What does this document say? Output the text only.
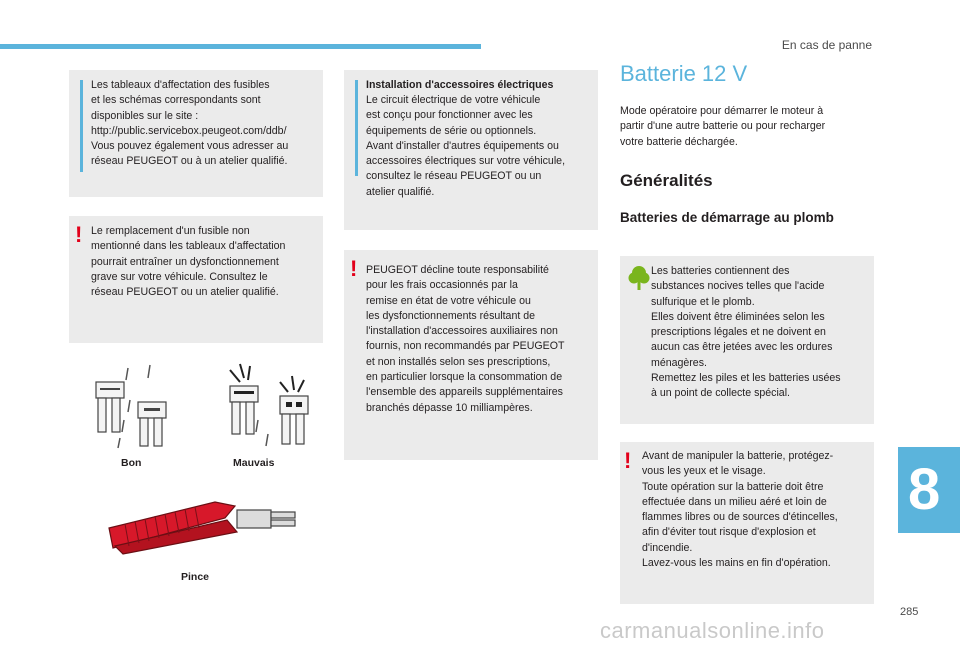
En cas de panne

Les tableaux d'affectation des fusibles
et les schémas correspondants sont
disponibles sur le site :
http://public.servicebox.peugeot.com/ddb/
Vous pouvez également vous adresser au
réseau PEUGEOT ou à un atelier qualifié.

! Le remplacement d'un fusible non
mentionné dans les tableaux d'affectation
pourrait entraîner un dysfonctionnement
grave sur votre véhicule. Consultez le
réseau PEUGEOT ou un atelier qualifié.

Bon	Mauvais
Pince

Installation d'accessoires électriques

Le circuit électrique de votre véhicule
est conçu pour fonctionner avec les
équipements de série ou optionnels.
Avant d'installer d'autres équipements ou
accessoires électriques sur votre véhicule,
consultez le réseau PEUGEOT ou un
atelier qualifié.

! PEUGEOT décline toute responsabilité
pour les frais occasionnés par la
remise en état de votre véhicule ou
les dysfonctionnements résultant de
l'installation d'accessoires auxiliaires non
fournis, non recommandés par PEUGEOT
et non installés selon ses prescriptions,
en particulier lorsque la consommation de
l'ensemble des appareils supplémentaires
branchés dépasse 10 milliampères.

Batterie 12 V

Mode opératoire pour démarrer le moteur à
partir d'une autre batterie ou pour recharger
votre batterie déchargée.

Généralités
Batteries de démarrage au plomb

Les batteries contiennent des
substances nocives telles que l'acide
sulfurique et le plomb.
Elles doivent être éliminées selon les
prescriptions légales et ne doivent en
aucun cas être jetées avec les ordures
ménagères.
Remettez les piles et les batteries usées
à un point de collecte spécial.

! Avant de manipuler la batterie, protégez-
vous les yeux et le visage.
Toute opération sur la batterie doit être
effectuée dans un milieu aéré et loin de
flammes libres ou de sources d'étincelles,
afin d'éviter tout risque d'explosion et
d'incendie.
Lavez-vous les mains en fin d'opération.

8
285
carmanualsonline.info
